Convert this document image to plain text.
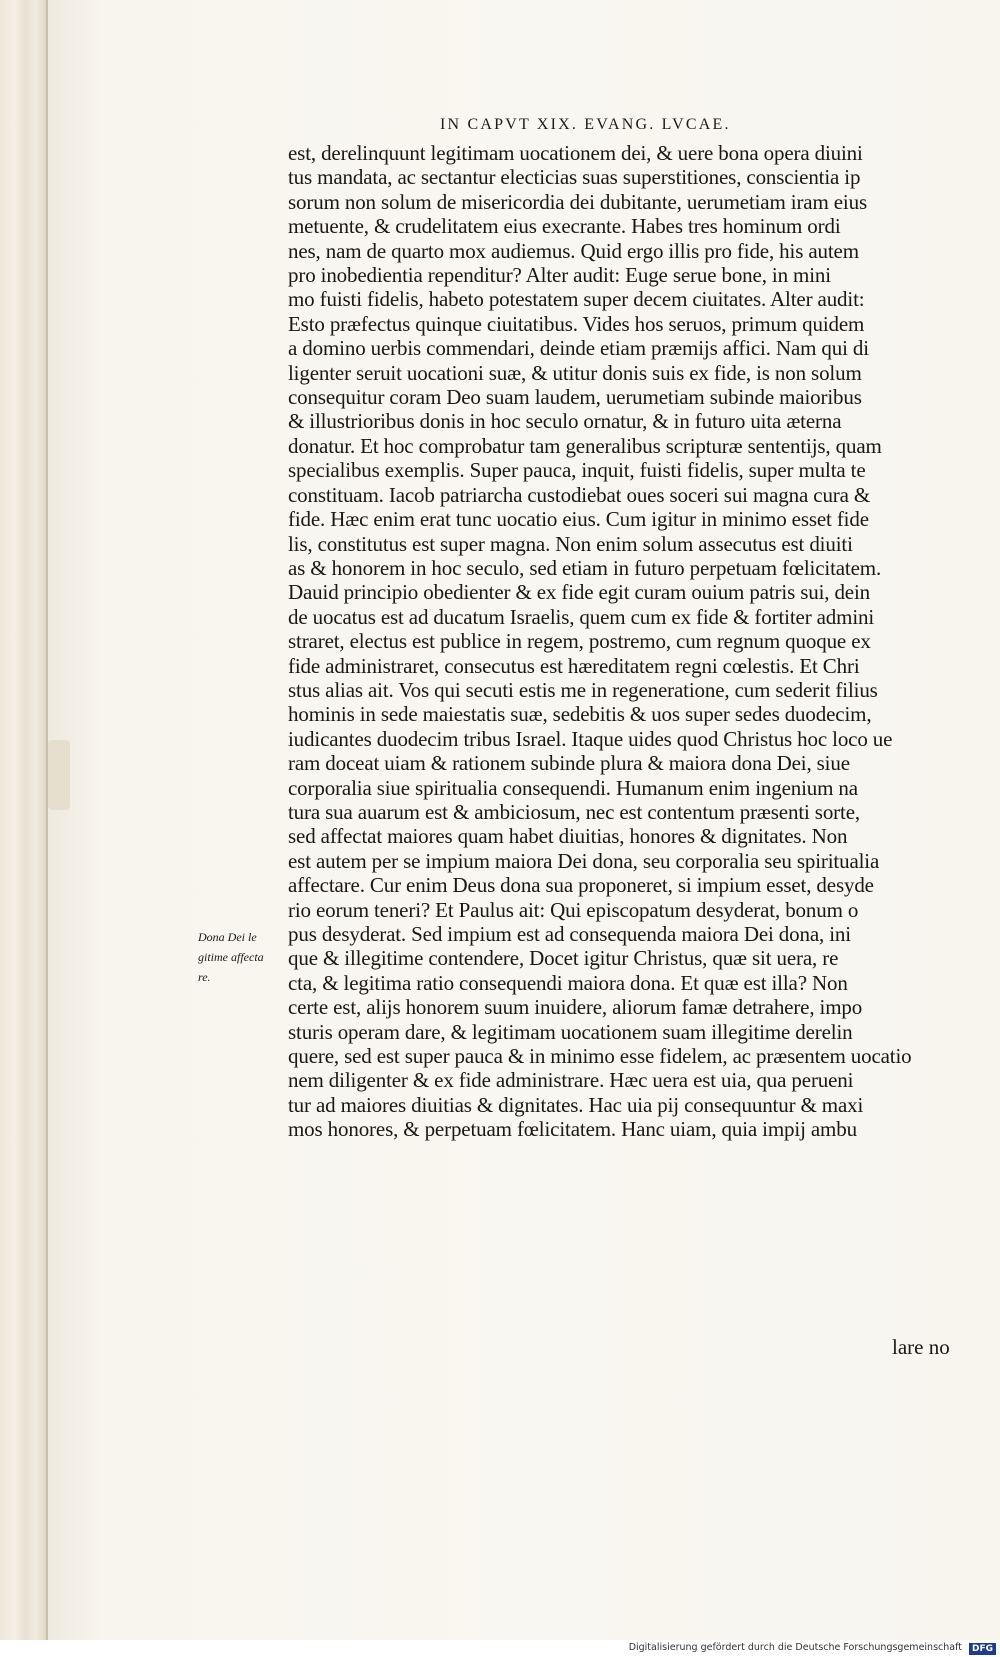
IN CAPVT XIX. EVANG. LVCAE.
est, derelinquunt legitimam uocationem dei, & uere bona opera diuini
tus mandata, ac sectantur electicias suas superstitiones, conscientia ip
sorum non solum de misericordia dei dubitante, uerumetiam iram eius
metuente, & crudelitatem eius execrante. Habes tres hominum ordi
nes, nam de quarto mox audiemus. Quid ergo illis pro fide, his autem
pro inobedientia rependitur? Alter audit: Euge serue bone, in mini
mo fuisti fidelis, habeto potestatem super decem ciuitates. Alter audit:
Esto præfectus quinque ciuitatibus. Vides hos seruos, primum quidem
a domino uerbis commendari, deinde etiam præmijs affici. Nam qui di
ligenter seruit uocationi suæ, & utitur donis suis ex fide, is non solum
consequitur coram Deo suam laudem, uerumetiam subinde maioribus
& illustrioribus donis in hoc seculo ornatur, & in futuro uita æterna
donatur. Et hoc comprobatur tam generalibus scripturæ sententijs, quam
specialibus exemplis. Super pauca, inquit, fuisti fidelis, super multa te
constituam. Iacob patriarcha custodiebat oues soceri sui magna cura &
fide. Hæc enim erat tunc uocatio eius. Cum igitur in minimo esset fide
lis, constitutus est super magna. Non enim solum assecutus est diuiti
as & honorem in hoc seculo, sed etiam in futuro perpetuam fœlicitatem.
Dauid principio obedienter & ex fide egit curam ouium patris sui, dein
de uocatus est ad ducatum Israelis, quem cum ex fide & fortiter admini
straret, electus est publice in regem, postremo, cum regnum quoque ex
fide administraret, consecutus est hæreditatem regni cœlestis. Et Chri
stus alias ait. Vos qui secuti estis me in regeneratione, cum sederit filius
hominis in sede maiestatis suæ, sedebitis & uos super sedes duodecim,
iudicantes duodecim tribus Israel. Itaque uides quod Christus hoc loco ue
ram doceat uiam & rationem subinde plura & maiora dona Dei, siue
corporalia siue spiritualia consequendi. Humanum enim ingenium na
tura sua auarum est & ambiciosum, nec est contentum præsenti sorte,
sed affectat maiores quam habet diuitias, honores & dignitates. Non
est autem per se impium maiora Dei dona, seu corporalia seu spiritualia
affectare. Cur enim Deus dona sua proponeret, si impium esset, desyde
rio eorum teneri? Et Paulus ait: Qui episcopatum desyderat, bonum o
pus desyderat. Sed impium est ad consequenda maiora Dei dona, ini
que & illegitime contendere, Docet igitur Christus, quæ sit uera, re
cta, & legitima ratio consequendi maiora dona. Et quæ est illa? Non
certe est, alijs honorem suum inuidere, aliorum famæ detrahere, impo
sturis operam dare, & legitimam uocationem suam illegitime derelin
quere, sed est super pauca & in minimo esse fidelem, ac præsentem uocatio
nem diligenter & ex fide administrare. Hæc uera est uia, qua perueni
tur ad maiores diuitias & dignitates. Hac uia pij consequuntur & maxi
mos honores, & perpetuam fœlicitatem. Hanc uiam, quia impij ambu
Dona Dei le
gitime affecta
re.
lare no
Digitalisierung gefördert durch die Deutsche Forschungsgemeinschaft	DFG
